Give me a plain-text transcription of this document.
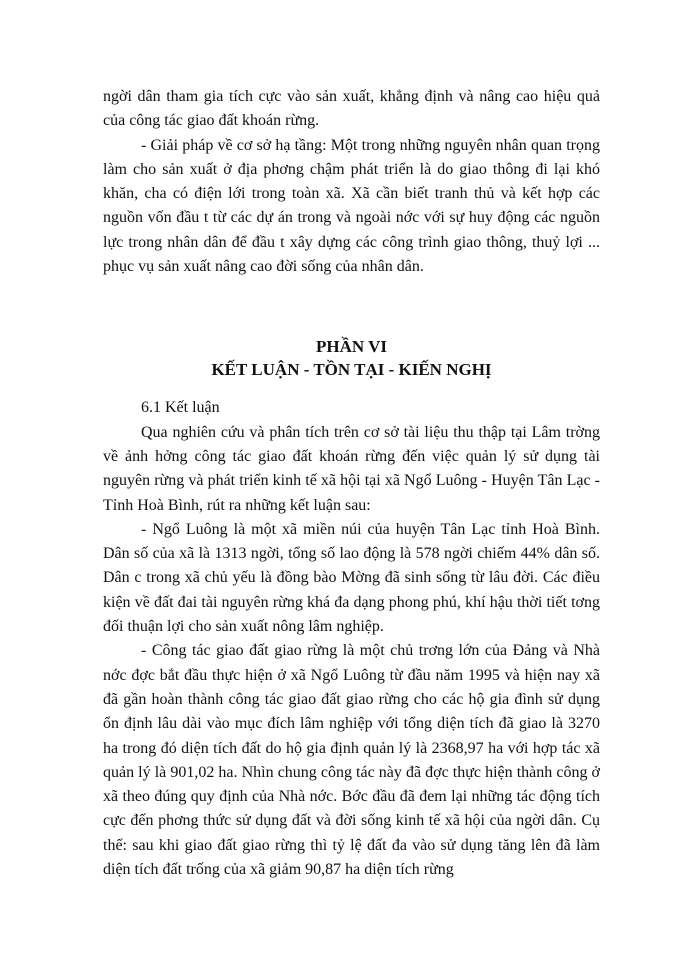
ngời dân tham gia tích cực vào sản xuất, khẳng định và nâng cao hiệu quả của công tác giao đất khoán rừng.

- Giải pháp về cơ sở hạ tầng: Một trong những nguyên nhân quan trọng làm cho sản xuất ở địa phơng chậm phát triển là do giao thông đi lại khó khăn, cha có điện lới trong toàn xã. Xã cần biết tranh thủ và kết hợp các nguồn vốn đầu t từ các dự án trong và ngoài nớc với sự huy động các nguồn lực trong nhân dân để đầu t xây dựng các công trình giao thông, thuỷ lợi ... phục vụ sản xuất nâng cao đời sống của nhân dân.

PHẦN VI
KẾT LUẬN - TỒN TẠI - KIẾN NGHỊ

6.1 Kết luận

Qua nghiên cứu và phân tích trên cơ sở tài liệu thu thập tại Lâm trờng về ảnh hởng công tác giao đất khoán rừng đến việc quản lý sử dụng tài nguyên rừng và phát triển kinh tế xã hội tại xã Ngổ Luông - Huyện Tân Lạc - Tỉnh Hoà Bình, rút ra những kết luận sau:

- Ngổ Luông là một xã miền núi của huyện Tân Lạc tỉnh Hoà Bình. Dân số của xã là 1313 ngời, tổng số lao động là 578 ngời chiếm 44% dân số. Dân c trong xã chủ yếu là đồng bào Mờng đã sinh sống từ lâu đời. Các điều kiện về đất đai tài nguyên rừng khá đa dạng phong phú, khí hậu thời tiết tơng đối thuận lợi cho sản xuất nông lâm nghiệp.

- Công tác giao đất giao rừng là một chủ trơng lớn của Đảng và Nhà nớc đợc bắt đầu thực hiện ở xã Ngổ Luông từ đầu năm 1995 và hiện nay xã đã gần hoàn thành công tác giao đất giao rừng cho các hộ gia đình sử dụng ổn định lâu dài vào mục đích lâm nghiệp với tổng diện tích đã giao là 3270 ha trong đó diện tích đất do hộ gia định quản lý là 2368,97 ha với hợp tác xã quản lý là 901,02 ha. Nhìn chung công tác này đã đợc thực hiện thành công ở xã theo đúng quy định của Nhà nớc. Bớc đầu đã đem lại những tác động tích cực đến phơng thức sử dụng đất và đời sống kinh tế xã hội của ngời dân. Cụ thể: sau khi giao đất giao rừng thì tỷ lệ đất đa vào sử dụng tăng lên đã làm diện tích đất trống của xã giảm 90,87 ha diện tích rừng
